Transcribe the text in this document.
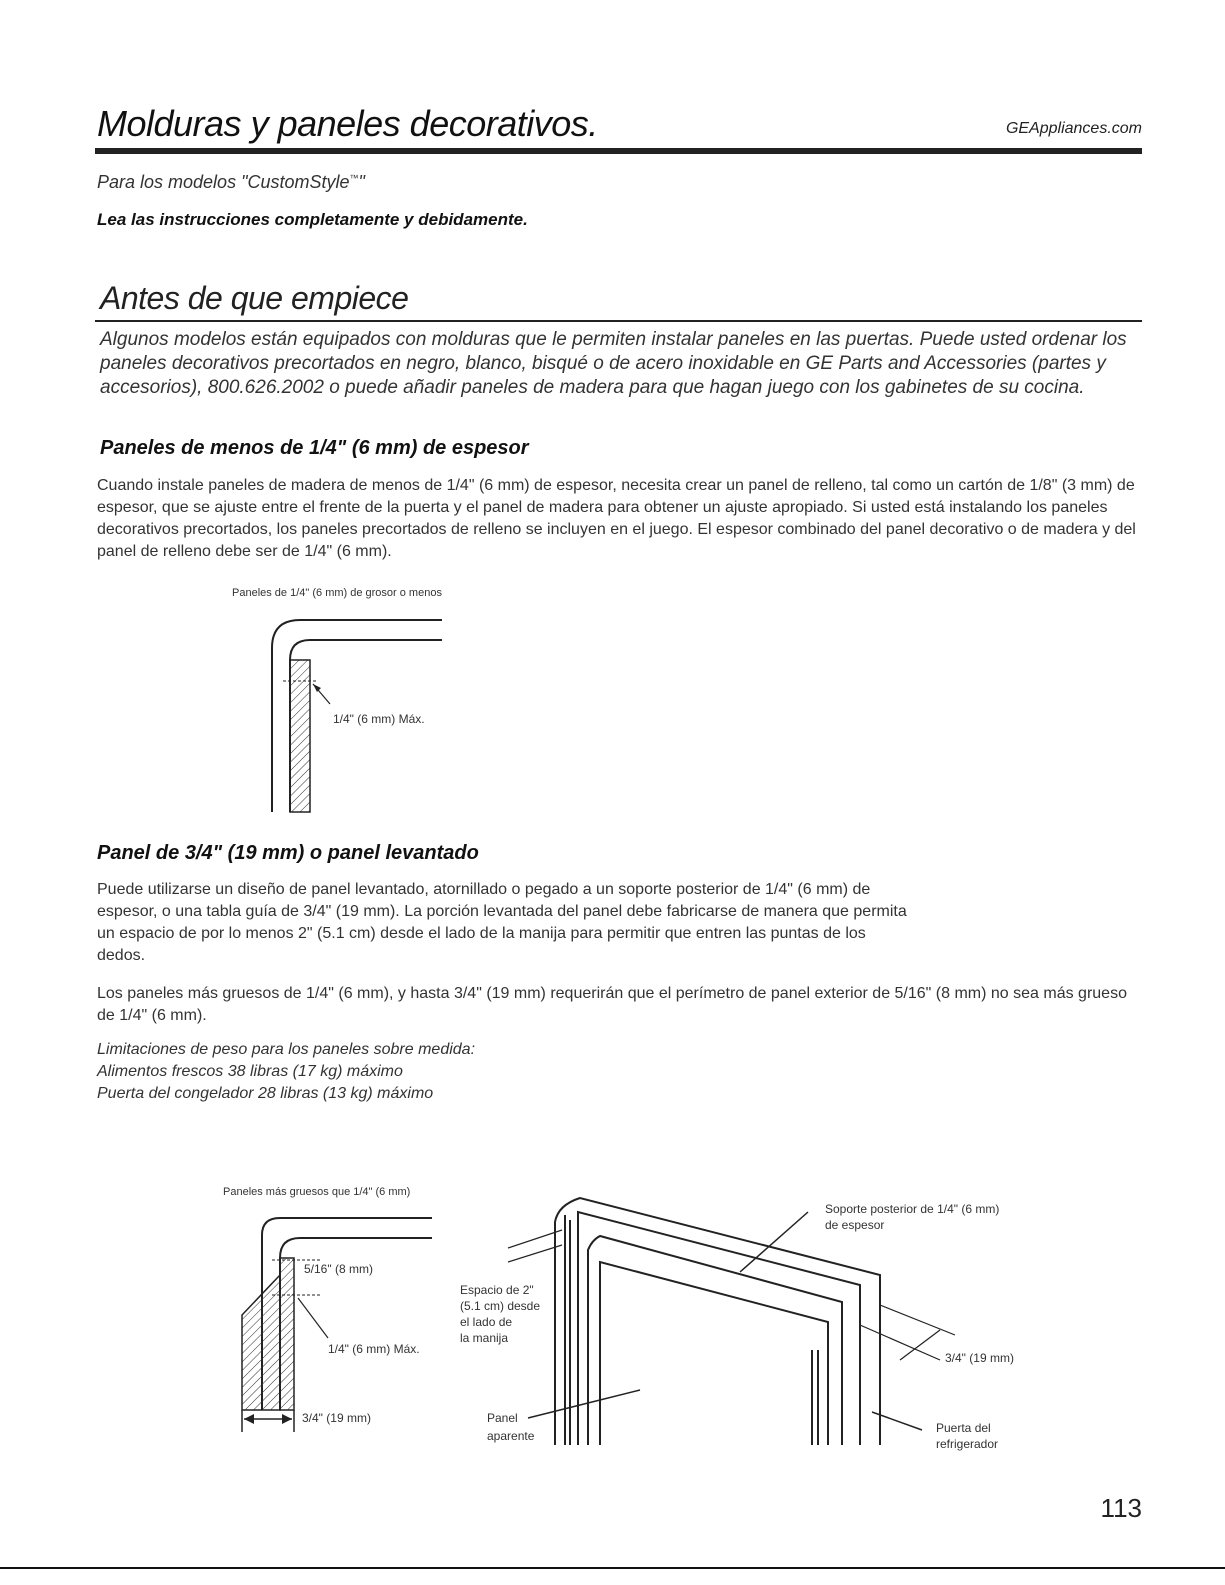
Molduras y paneles decorativos.	GEAppliances.com
Para los modelos "CustomStyle™"
Lea las instrucciones completamente y debidamente.
Antes de que empiece
Algunos modelos están equipados con molduras que le permiten instalar paneles en las puertas. Puede usted ordenar los paneles decorativos precortados en negro, blanco, bisqué o de acero inoxidable en GE Parts and Accessories (partes y accesorios), 800.626.2002 o puede añadir paneles de madera para que hagan juego con los gabinetes de su cocina.
Paneles de menos de 1/4" (6 mm) de espesor
Cuando instale paneles de madera de menos de 1/4" (6 mm) de espesor, necesita crear un panel de relleno, tal como un cartón de 1/8" (3 mm) de espesor, que se ajuste entre el frente de la puerta y el panel de madera para obtener un ajuste apropiado. Si usted está instalando los paneles decorativos precortados, los paneles precortados de relleno se incluyen en el juego. El espesor combinado del panel decorativo o de madera y del panel de relleno debe ser de 1/4" (6 mm).
Paneles de 1/4" (6 mm) de grosor o menos
1/4" (6 mm) Máx.
Panel de 3/4" (19 mm) o panel levantado
Puede utilizarse un diseño de panel levantado, atornillado o pegado a un soporte posterior de 1/4" (6 mm) de espesor, o una tabla guía de 3/4" (19 mm). La porción levantada del panel debe fabricarse de manera que permita un espacio de por lo menos 2" (5.1 cm) desde el lado de la manija para permitir que entren las puntas de los dedos.
Los paneles más gruesos de 1/4" (6 mm), y hasta 3/4" (19 mm) requerirán que el perímetro de panel exterior de 5/16" (8 mm) no sea más grueso de 1/4" (6 mm).
Limitaciones de peso para los paneles sobre medida:
Alimentos frescos 38 libras (17 kg) máximo
Puerta del congelador 28 libras (13 kg) máximo
Paneles más gruesos que 1/4" (6 mm)
5/16" (8 mm)
1/4" (6 mm) Máx.
3/4" (19 mm)
Espacio de 2"
(5.1 cm) desde
el lado de
la manija
Panel
aparente
Soporte posterior de 1/4" (6 mm)
de espesor
3/4" (19 mm)
Puerta del
refrigerador
113
